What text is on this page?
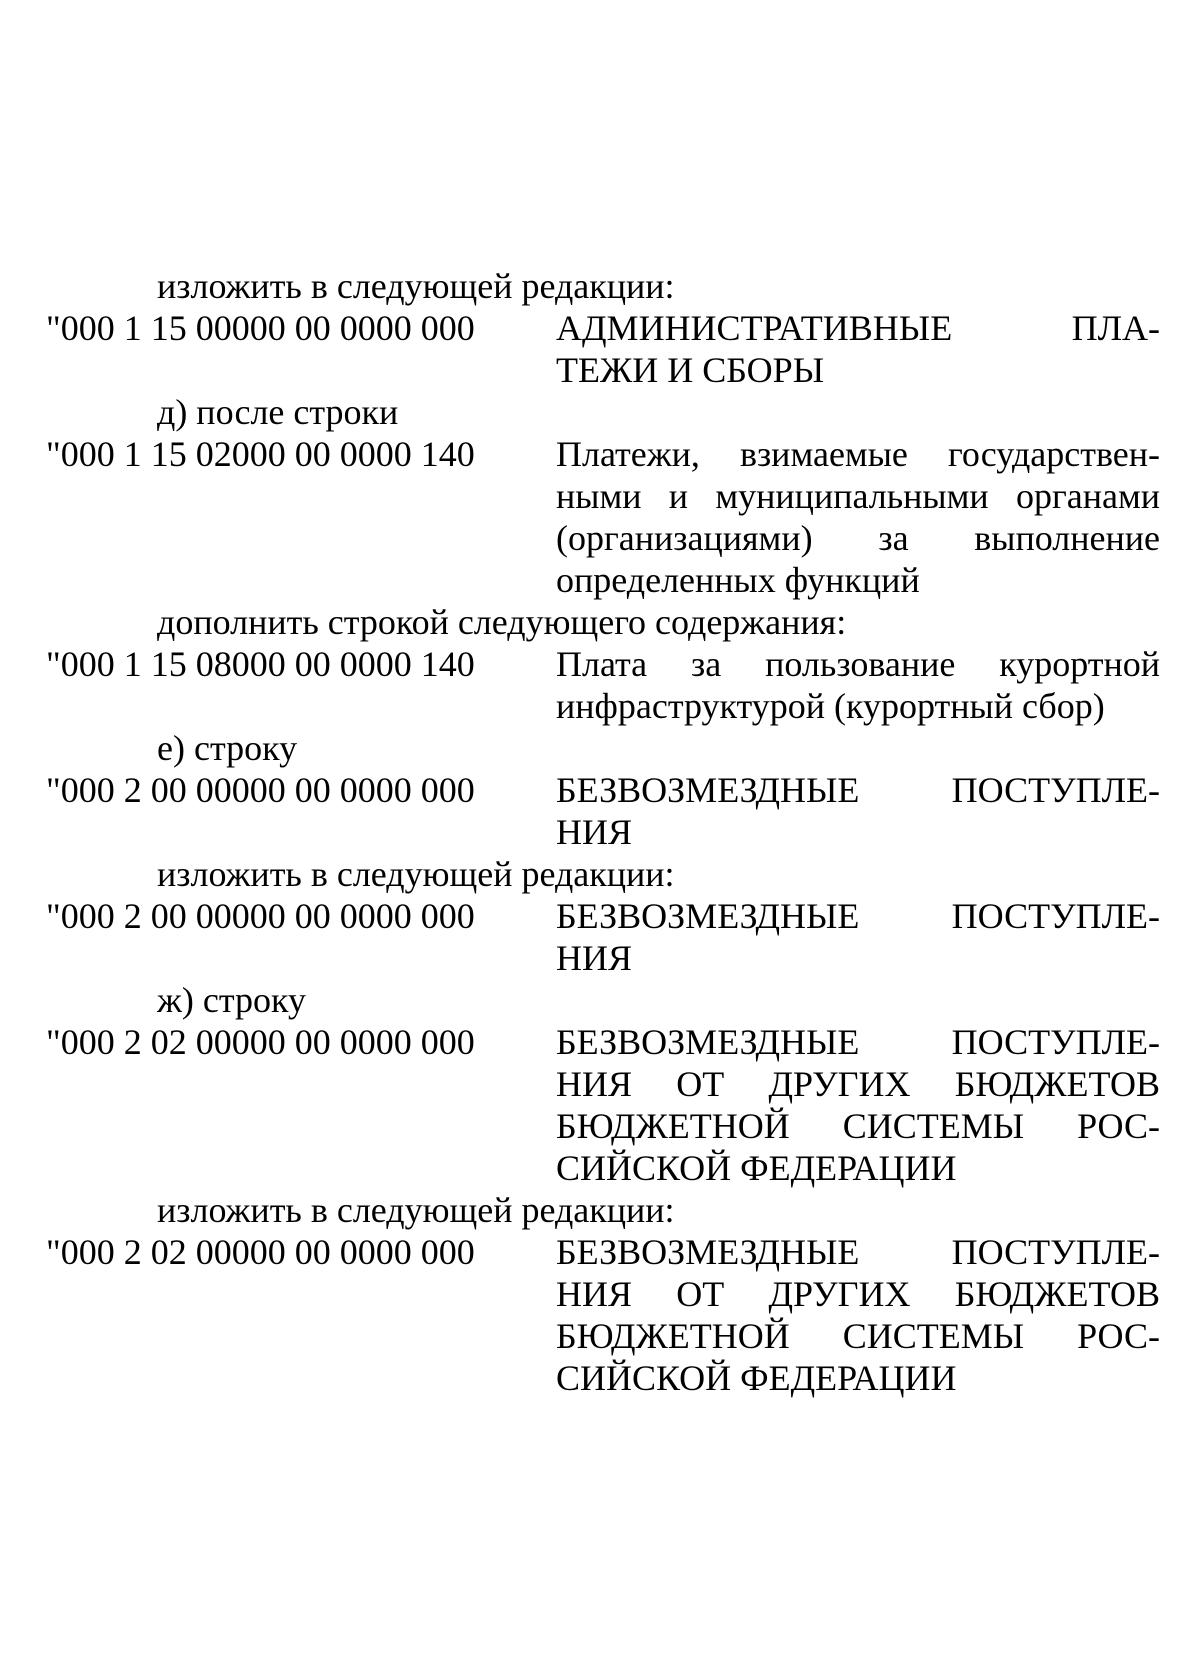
изложить в следующей редакции:
"000 1 15 00000 00 0000 000 АДМИНИСТРАТИВНЫЕ ПЛА-
ТЕЖИ И СБОРЫ
д) после строки
"000 1 15 02000 00 0000 140 Платежи, взимаемые государствен-
ными и муниципальными органами
(организациями) за выполнение
определенных функций
дополнить строкой следующего содержания:
"000 1 15 08000 00 0000 140 Плата за пользование курортной
инфраструктурой (курортный сбор)
е) строку
"000 2 00 00000 00 0000 000 БЕЗВОЗМЕЗДНЫЕ ПОСТУПЛЕ-
НИЯ
изложить в следующей редакции:
"000 2 00 00000 00 0000 000 БЕЗВОЗМЕЗДНЫЕ ПОСТУПЛЕ-
НИЯ
ж) строку
"000 2 02 00000 00 0000 000 БЕЗВОЗМЕЗДНЫЕ ПОСТУПЛЕ-
НИЯ ОТ ДРУГИХ БЮДЖЕТОВ
БЮДЖЕТНОЙ СИСТЕМЫ РОС-
СИЙСКОЙ ФЕДЕРАЦИИ
изложить в следующей редакции:
"000 2 02 00000 00 0000 000 БЕЗВОЗМЕЗДНЫЕ ПОСТУПЛЕ-
НИЯ ОТ ДРУГИХ БЮДЖЕТОВ
БЮДЖЕТНОЙ СИСТЕМЫ РОС-
СИЙСКОЙ ФЕДЕРАЦИИ
